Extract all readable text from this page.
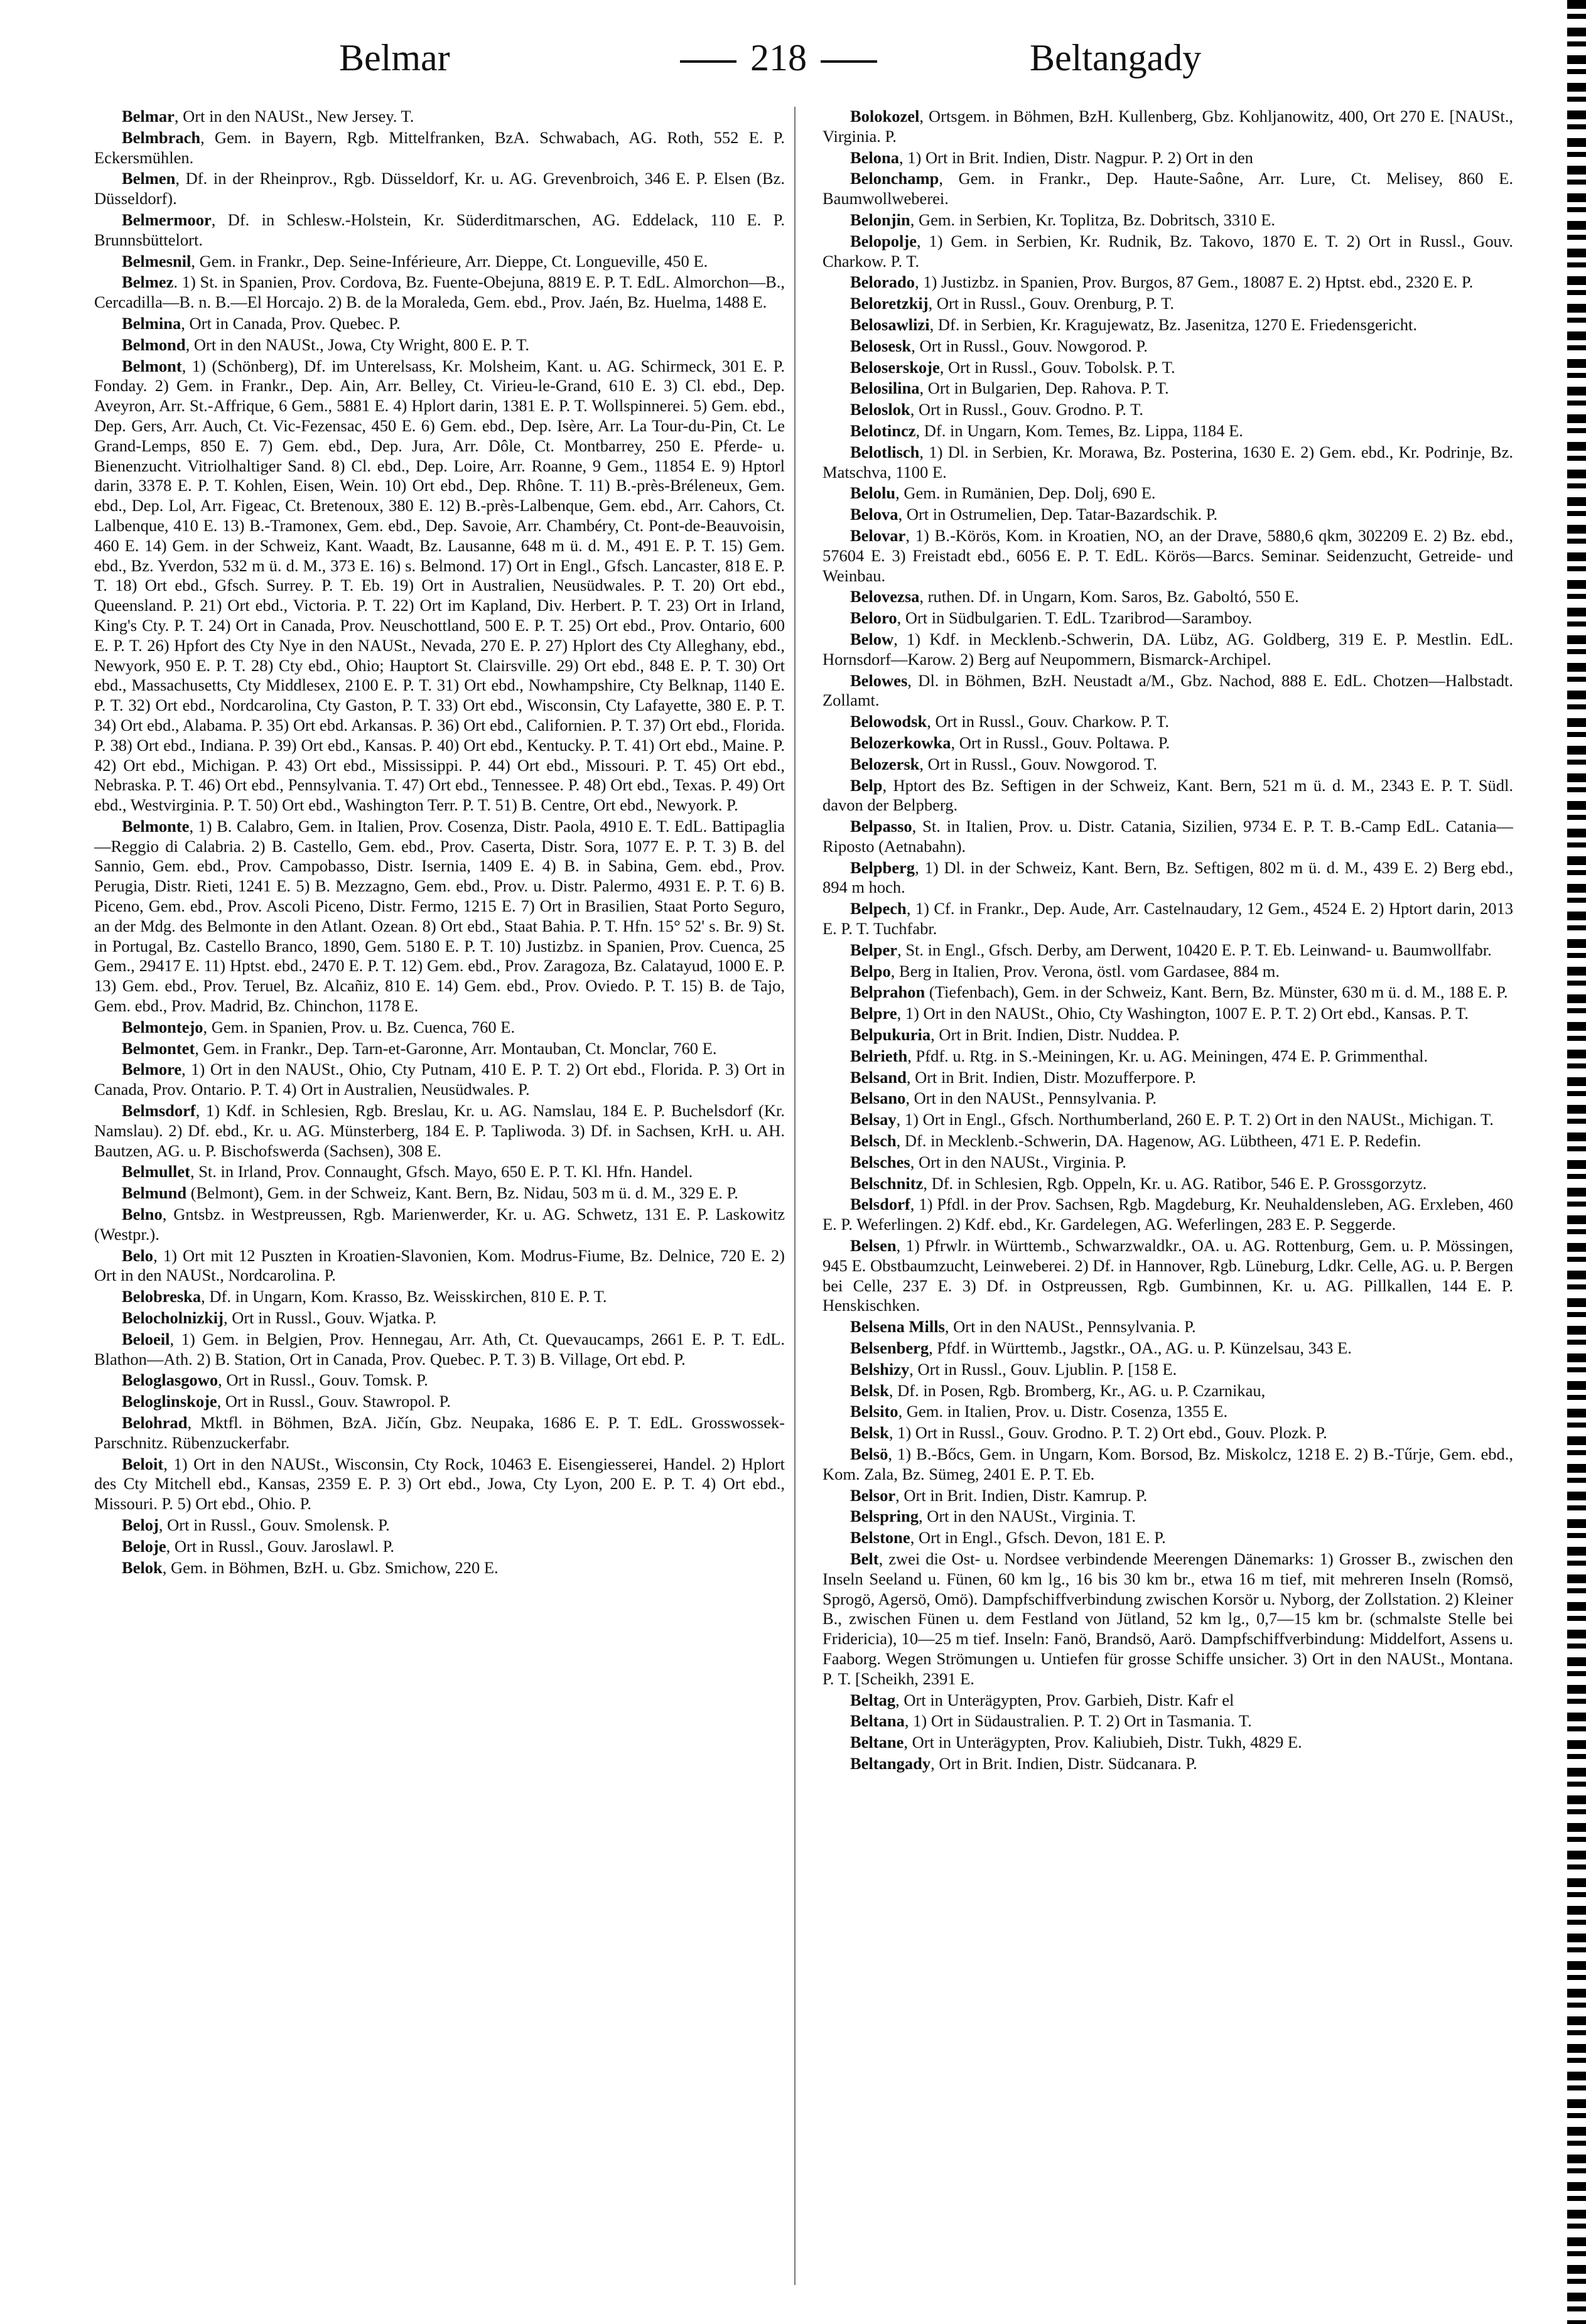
Belmar	218	Beltangady

Belmar, Ort in den NAUSt., New Jersey. T.

Belmbrach, Gem. in Bayern, Rgb. Mittelfranken, BzA. Schwabach, AG. Roth, 552 E. P. Eckersmühlen.

Belmen, Df. in der Rheinprov., Rgb. Düsseldorf, Kr. u. AG. Grevenbroich, 346 E. P. Elsen (Bz. Düsseldorf).

Belmermoor, Df. in Schlesw.-Holstein, Kr. Süderditmarschen, AG. Eddelack, 110 E. P. Brunnsbüttelort.

Belmesnil, Gem. in Frankr., Dep. Seine-Inférieure, Arr. Dieppe, Ct. Longueville, 450 E.

Belmez. 1) St. in Spanien, Prov. Cordova, Bz. Fuente-Obejuna, 8819 E. P. T. EdL. Almorchon—B., Cercadilla—B. n. B.—El Horcajo. 2) B. de la Moraleda, Gem. ebd., Prov. Jaén, Bz. Huelma, 1488 E.

Belmina, Ort in Canada, Prov. Quebec. P.

Belmond, Ort in den NAUSt., Jowa, Cty Wright, 800 E. P. T.

Belmont, 1) (Schönberg), Df. im Unterelsass, Kr. Molsheim, Kant. u. AG. Schirmeck, 301 E. P. Fonday. 2) Gem. in Frankr., Dep. Ain, Arr. Belley, Ct. Virieu-le-Grand, 610 E. 3) Cl. ebd., Dep. Aveyron, Arr. St.-Affrique, 6 Gem., 5881 E. 4) Hplort darin, 1381 E. P. T. Wollspinnerei. 5) Gem. ebd., Dep. Gers, Arr. Auch, Ct. Vic-Fezensac, 450 E. 6) Gem. ebd., Dep. Isère, Arr. La Tour-du-Pin, Ct. Le Grand-Lemps, 850 E. 7) Gem. ebd., Dep. Jura, Arr. Dôle, Ct. Montbarrey, 250 E. Pferde- u. Bienenzucht. Vitriolhaltiger Sand. 8) Cl. ebd., Dep. Loire, Arr. Roanne, 9 Gem., 11854 E. 9) Hptorl darin, 3378 E. P. T. Kohlen, Eisen, Wein. 10) Ort ebd., Dep. Rhône. T. 11) B.-près-Bréleneux, Gem. ebd., Dep. Lol, Arr. Figeac, Ct. Bretenoux, 380 E. 12) B.-près-Lalbenque, Gem. ebd., Arr. Cahors, Ct. Lalbenque, 410 E. 13) B.-Tramonex, Gem. ebd., Dep. Savoie, Arr. Chambéry, Ct. Pont-de-Beauvoisin, 460 E. 14) Gem. in der Schweiz, Kant. Waadt, Bz. Lausanne, 648 m ü. d. M., 491 E. P. T. 15) Gem. ebd., Bz. Yverdon, 532 m ü. d. M., 373 E. 16) s. Belmond. 17) Ort in Engl., Gfsch. Lancaster, 818 E. P. T. 18) Ort ebd., Gfsch. Surrey. P. T. Eb. 19) Ort in Australien, Neusüdwales. P. T. 20) Ort ebd., Queensland. P. 21) Ort ebd., Victoria. P. T. 22) Ort im Kapland, Div. Herbert. P. T. 23) Ort in Irland, King's Cty. P. T. 24) Ort in Canada, Prov. Neuschottland, 500 E. P. T. 25) Ort ebd., Prov. Ontario, 600 E. P. T. 26) Hpfort des Cty Nye in den NAUSt., Nevada, 270 E. P. 27) Hplort des Cty Alleghany, ebd., Newyork, 950 E. P. T. 28) Cty ebd., Ohio; Hauptort St. Clairsville. 29) Ort ebd., 848 E. P. T. 30) Ort ebd., Massachusetts, Cty Middlesex, 2100 E. P. T. 31) Ort ebd., Nowhampshire, Cty Belknap, 1140 E. P. T. 32) Ort ebd., Nordcarolina, Cty Gaston, P. T. 33) Ort ebd., Wisconsin, Cty Lafayette, 380 E. P. T. 34) Ort ebd., Alabama. P. 35) Ort ebd. Arkansas. P. 36) Ort ebd., Californien. P. T. 37) Ort ebd., Florida. P. 38) Ort ebd., Indiana. P. 39) Ort ebd., Kansas. P. 40) Ort ebd., Kentucky. P. T. 41) Ort ebd., Maine. P. 42) Ort ebd., Michigan. P. 43) Ort ebd., Mississippi. P. 44) Ort ebd., Missouri. P. T. 45) Ort ebd., Nebraska. P. T. 46) Ort ebd., Pennsylvania. T. 47) Ort ebd., Tennessee. P. 48) Ort ebd., Texas. P. 49) Ort ebd., Westvirginia. P. T. 50) Ort ebd., Washington Terr. P. T. 51) B. Centre, Ort ebd., Newyork. P.

Belmonte, 1) B. Calabro, Gem. in Italien, Prov. Cosenza, Distr. Paola, 4910 E. T. EdL. Battipaglia—Reggio di Calabria. 2) B. Castello, Gem. ebd., Prov. Caserta, Distr. Sora, 1077 E. P. T. 3) B. del Sannio, Gem. ebd., Prov. Campobasso, Distr. Isernia, 1409 E. 4) B. in Sabina, Gem. ebd., Prov. Perugia, Distr. Rieti, 1241 E. 5) B. Mezzagno, Gem. ebd., Prov. u. Distr. Palermo, 4931 E. P. T. 6) B. Piceno, Gem. ebd., Prov. Ascoli Piceno, Distr. Fermo, 1215 E. 7) Ort in Brasilien, Staat Porto Seguro, an der Mdg. des Belmonte in den Atlant. Ozean. 8) Ort ebd., Staat Bahia. P. T. Hfn. 15° 52' s. Br. 9) St. in Portugal, Bz. Castello Branco, 1890, Gem. 5180 E. P. T. 10) Justizbz. in Spanien, Prov. Cuenca, 25 Gem., 29417 E. 11) Hptst. ebd., 2470 E. P. T. 12) Gem. ebd., Prov. Zaragoza, Bz. Calatayud, 1000 E. P. 13) Gem. ebd., Prov. Teruel, Bz. Alcañiz, 810 E. 14) Gem. ebd., Prov. Oviedo. P. T. 15) B. de Tajo, Gem. ebd., Prov. Madrid, Bz. Chinchon, 1178 E.

Belmontejo, Gem. in Spanien, Prov. u. Bz. Cuenca, 760 E.

Belmontet, Gem. in Frankr., Dep. Tarn-et-Garonne, Arr. Montauban, Ct. Monclar, 760 E.

Belmore, 1) Ort in den NAUSt., Ohio, Cty Putnam, 410 E. P. T. 2) Ort ebd., Florida. P. 3) Ort in Canada, Prov. Ontario. P. T. 4) Ort in Australien, Neusüdwales. P.

Belmsdorf, 1) Kdf. in Schlesien, Rgb. Breslau, Kr. u. AG. Namslau, 184 E. P. Buchelsdorf (Kr. Namslau). 2) Df. ebd., Kr. u. AG. Münsterberg, 184 E. P. Tapliwoda. 3) Df. in Sachsen, KrH. u. AH. Bautzen, AG. u. P. Bischofswerda (Sachsen), 308 E.

Belmullet, St. in Irland, Prov. Connaught, Gfsch. Mayo, 650 E. P. T. Kl. Hfn. Handel.

Belmund (Belmont), Gem. in der Schweiz, Kant. Bern, Bz. Nidau, 503 m ü. d. M., 329 E. P.

Belno, Gntsbz. in Westpreussen, Rgb. Marienwerder, Kr. u. AG. Schwetz, 131 E. P. Laskowitz (Westpr.).

Belo, 1) Ort mit 12 Puszten in Kroatien-Slavonien, Kom. Modrus-Fiume, Bz. Delnice, 720 E. 2) Ort in den NAUSt., Nordcarolina. P.

Belobreska, Df. in Ungarn, Kom. Krasso, Bz. Weisskirchen, 810 E. P. T.

Belocholnizkij, Ort in Russl., Gouv. Wjatka. P.

Beloeil, 1) Gem. in Belgien, Prov. Hennegau, Arr. Ath, Ct. Quevaucamps, 2661 E. P. T. EdL. Blathon—Ath. 2) B. Station, Ort in Canada, Prov. Quebec. P. T. 3) B. Village, Ort ebd. P.

Beloglasgowo, Ort in Russl., Gouv. Tomsk. P.

Beloglinskoje, Ort in Russl., Gouv. Stawropol. P.

Belohrad, Mktfl. in Böhmen, BzA. Jičín, Gbz. Neupaka, 1686 E. P. T. EdL. Grosswossek-Parschnitz. Rübenzuckerfabr.

Beloit, 1) Ort in den NAUSt., Wisconsin, Cty Rock, 10463 E. Eisengiesserei, Handel. 2) Hplort des Cty Mitchell ebd., Kansas, 2359 E. P. 3) Ort ebd., Jowa, Cty Lyon, 200 E. P. T. 4) Ort ebd., Missouri. P. 5) Ort ebd., Ohio. P.

Beloj, Ort in Russl., Gouv. Smolensk. P.

Beloje, Ort in Russl., Gouv. Jaroslawl. P.

Belok, Gem. in Böhmen, BzH. u. Gbz. Smichow, 220 E.

Bolokozel, Ortsgem. in Böhmen, BzH. Kullenberg, Gbz. Kohljanowitz, 400, Ort 270 E. [NAUSt., Virginia. P.

Belona, 1) Ort in Brit. Indien, Distr. Nagpur. P. 2) Ort in den

Belonchamp, Gem. in Frankr., Dep. Haute-Saône, Arr. Lure, Ct. Melisey, 860 E. Baumwollweberei.

Belonjin, Gem. in Serbien, Kr. Toplitza, Bz. Dobritsch, 3310 E.

Belopolje, 1) Gem. in Serbien, Kr. Rudnik, Bz. Takovo, 1870 E. T. 2) Ort in Russl., Gouv. Charkow. P. T.

Belorado, 1) Justizbz. in Spanien, Prov. Burgos, 87 Gem., 18087 E. 2) Hptst. ebd., 2320 E. P.

Beloretzkij, Ort in Russl., Gouv. Orenburg, P. T.

Belosawlizi, Df. in Serbien, Kr. Kragujewatz, Bz. Jasenitza, 1270 E. Friedensgericht.

Belosesk, Ort in Russl., Gouv. Nowgorod. P.

Beloserskoje, Ort in Russl., Gouv. Tobolsk. P. T.

Belosilina, Ort in Bulgarien, Dep. Rahova. P. T.

Beloslok, Ort in Russl., Gouv. Grodno. P. T.

Belotincz, Df. in Ungarn, Kom. Temes, Bz. Lippa, 1184 E.

Belotlisch, 1) Dl. in Serbien, Kr. Morawa, Bz. Posterina, 1630 E. 2) Gem. ebd., Kr. Podrinje, Bz. Matschva, 1100 E.

Belolu, Gem. in Rumänien, Dep. Dolj, 690 E.

Belova, Ort in Ostrumelien, Dep. Tatar-Bazardschik. P.

Belovar, 1) B.-Körös, Kom. in Kroatien, NO, an der Drave, 5880,6 qkm, 302209 E. 2) Bz. ebd., 57604 E. 3) Freistadt ebd., 6056 E. P. T. EdL. Körös—Barcs. Seminar. Seidenzucht, Getreide- und Weinbau.

Belovezsa, ruthen. Df. in Ungarn, Kom. Saros, Bz. Gaboltó, 550 E.

Beloro, Ort in Südbulgarien. T. EdL. Tzaribrod—Saramboy.

Below, 1) Kdf. in Mecklenb.-Schwerin, DA. Lübz, AG. Goldberg, 319 E. P. Mestlin. EdL. Hornsdorf—Karow. 2) Berg auf Neupommern, Bismarck-Archipel.

Belowes, Dl. in Böhmen, BzH. Neustadt a/M., Gbz. Nachod, 888 E. EdL. Chotzen—Halbstadt. Zollamt.

Belowodsk, Ort in Russl., Gouv. Charkow. P. T.

Belozerkowka, Ort in Russl., Gouv. Poltawa. P.

Belozersk, Ort in Russl., Gouv. Nowgorod. T.

Belp, Hptort des Bz. Seftigen in der Schweiz, Kant. Bern, 521 m ü. d. M., 2343 E. P. T. Südl. davon der Belpberg.

Belpasso, St. in Italien, Prov. u. Distr. Catania, Sizilien, 9734 E. P. T. B.-Camp EdL. Catania—Riposto (Aetnabahn).

Belpberg, 1) Dl. in der Schweiz, Kant. Bern, Bz. Seftigen, 802 m ü. d. M., 439 E. 2) Berg ebd., 894 m hoch.

Belpech, 1) Cf. in Frankr., Dep. Aude, Arr. Castelnaudary, 12 Gem., 4524 E. 2) Hptort darin, 2013 E. P. T. Tuchfabr.

Belper, St. in Engl., Gfsch. Derby, am Derwent, 10420 E. P. T. Eb. Leinwand- u. Baumwollfabr.

Belpo, Berg in Italien, Prov. Verona, östl. vom Gardasee, 884 m.

Belprahon (Tiefenbach), Gem. in der Schweiz, Kant. Bern, Bz. Münster, 630 m ü. d. M., 188 E. P.

Belpre, 1) Ort in den NAUSt., Ohio, Cty Washington, 1007 E. P. T. 2) Ort ebd., Kansas. P. T.

Belpukuria, Ort in Brit. Indien, Distr. Nuddea. P.

Belrieth, Pfdf. u. Rtg. in S.-Meiningen, Kr. u. AG. Meiningen, 474 E. P. Grimmenthal.

Belsand, Ort in Brit. Indien, Distr. Mozufferpore. P.

Belsano, Ort in den NAUSt., Pennsylvania. P.

Belsay, 1) Ort in Engl., Gfsch. Northumberland, 260 E. P. T. 2) Ort in den NAUSt., Michigan. T.

Belsch, Df. in Mecklenb.-Schwerin, DA. Hagenow, AG. Lübtheen, 471 E. P. Redefin.

Belsches, Ort in den NAUSt., Virginia. P.

Belschnitz, Df. in Schlesien, Rgb. Oppeln, Kr. u. AG. Ratibor, 546 E. P. Grossgorzytz.

Belsdorf, 1) Pfdl. in der Prov. Sachsen, Rgb. Magdeburg, Kr. Neuhaldensleben, AG. Erxleben, 460 E. P. Weferlingen. 2) Kdf. ebd., Kr. Gardelegen, AG. Weferlingen, 283 E. P. Seggerde.

Belsen, 1) Pfrwlr. in Württemb., Schwarzwaldkr., OA. u. AG. Rottenburg, Gem. u. P. Mössingen, 945 E. Obstbaumzucht, Leinweberei. 2) Df. in Hannover, Rgb. Lüneburg, Ldkr. Celle, AG. u. P. Bergen bei Celle, 237 E. 3) Df. in Ostpreussen, Rgb. Gumbinnen, Kr. u. AG. Pillkallen, 144 E. P. Henskischken.

Belsena Mills, Ort in den NAUSt., Pennsylvania. P.

Belsenberg, Pfdf. in Württemb., Jagstkr., OA., AG. u. P. Künzelsau, 343 E.

Belshizy, Ort in Russl., Gouv. Ljublin. P. [158 E.

Belsk, Df. in Posen, Rgb. Bromberg, Kr., AG. u. P. Czarnikau,

Belsito, Gem. in Italien, Prov. u. Distr. Cosenza, 1355 E.

Belsk, 1) Ort in Russl., Gouv. Grodno. P. T. 2) Ort ebd., Gouv. Plozk. P.

Belsö, 1) B.-Bőcs, Gem. in Ungarn, Kom. Borsod, Bz. Miskolcz, 1218 E. 2) B.-Tűrje, Gem. ebd., Kom. Zala, Bz. Sümeg, 2401 E. P. T. Eb.

Belsor, Ort in Brit. Indien, Distr. Kamrup. P.

Belspring, Ort in den NAUSt., Virginia. T.

Belstone, Ort in Engl., Gfsch. Devon, 181 E. P.

Belt, zwei die Ost- u. Nordsee verbindende Meerengen Dänemarks: 1) Grosser B., zwischen den Inseln Seeland u. Fünen, 60 km lg., 16 bis 30 km br., etwa 16 m tief, mit mehreren Inseln (Romsö, Sprogö, Agersö, Omö). Dampfschiffverbindung zwischen Korsör u. Nyborg, der Zollstation. 2) Kleiner B., zwischen Fünen u. dem Festland von Jütland, 52 km lg., 0,7—15 km br. (schmalste Stelle bei Fridericia), 10—25 m tief. Inseln: Fanö, Brandsö, Aarö. Dampfschiffverbindung: Middelfort, Assens u. Faaborg. Wegen Strömungen u. Untiefen für grosse Schiffe unsicher. 3) Ort in den NAUSt., Montana. P. T. [Scheikh, 2391 E.

Beltag, Ort in Unterägypten, Prov. Garbieh, Distr. Kafr el

Beltana, 1) Ort in Südaustralien. P. T. 2) Ort in Tasmania. T.

Beltane, Ort in Unterägypten, Prov. Kaliubieh, Distr. Tukh, 4829 E.

Beltangady, Ort in Brit. Indien, Distr. Südcanara. P.
